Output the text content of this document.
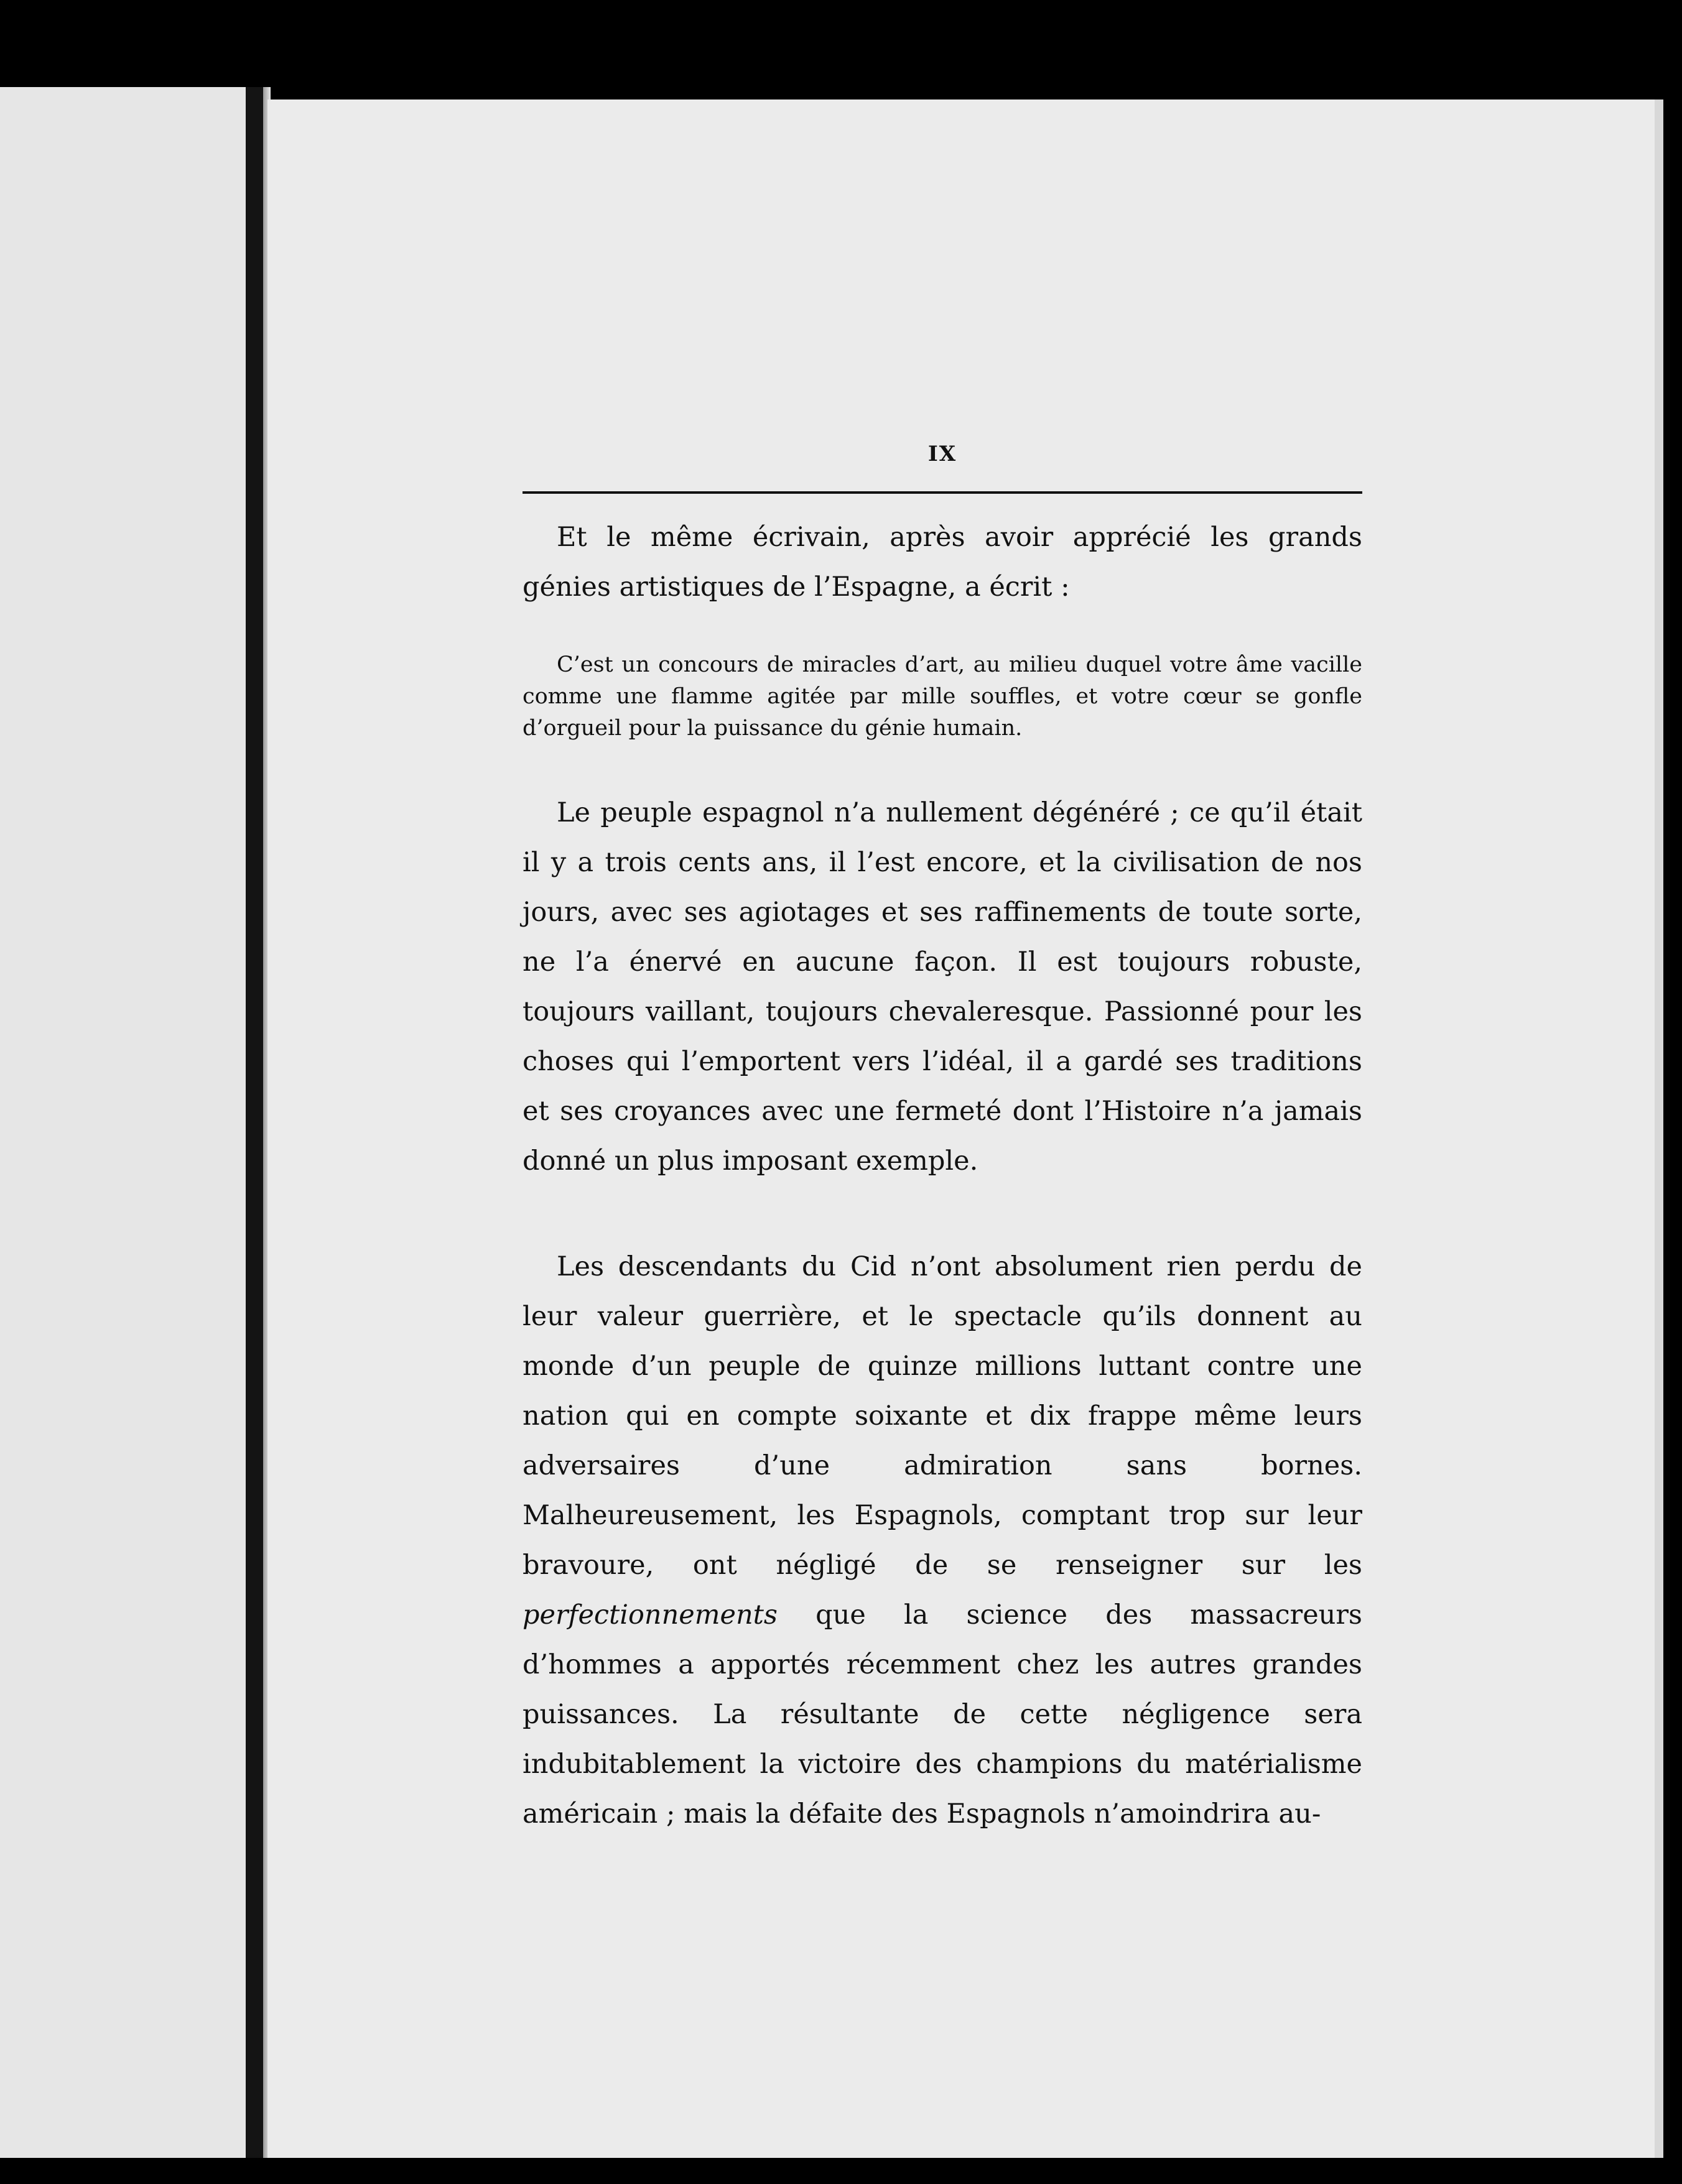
IX

Et le même écrivain, après avoir apprécié les grands génies artistiques de l’Espagne, a écrit :

C’est un concours de miracles d’art, au milieu duquel votre âme vacille comme une flamme agitée par mille souffles, et votre cœur se gonfle d’orgueil pour la puissance du génie humain.

Le peuple espagnol n’a nullement dégénéré ; ce qu’il était il y a trois cents ans, il l’est encore, et la civilisation de nos jours, avec ses agiotages et ses raffinements de toute sorte, ne l’a énervé en aucune façon. Il est toujours robuste, toujours vaillant, toujours chevaleresque. Passionné pour les choses qui l’emportent vers l’idéal, il a gardé ses traditions et ses croyances avec une fermeté dont l’Histoire n’a jamais donné un plus imposant exemple.

Les descendants du Cid n’ont absolument rien perdu de leur valeur guerrière, et le spectacle qu’ils donnent au monde d’un peuple de quinze millions luttant contre une nation qui en compte soixante et dix frappe même leurs adversaires d’une admiration sans bornes. Malheureusement, les Espagnols, comptant trop sur leur bravoure, ont négligé de se renseigner sur les perfectionnements que la science des massacreurs d’hommes a apportés récemment chez les autres grandes puissances. La résultante de cette négligence sera indubitablement la victoire des champions du matérialisme américain ; mais la défaite des Espagnols n’amoindrira au-
